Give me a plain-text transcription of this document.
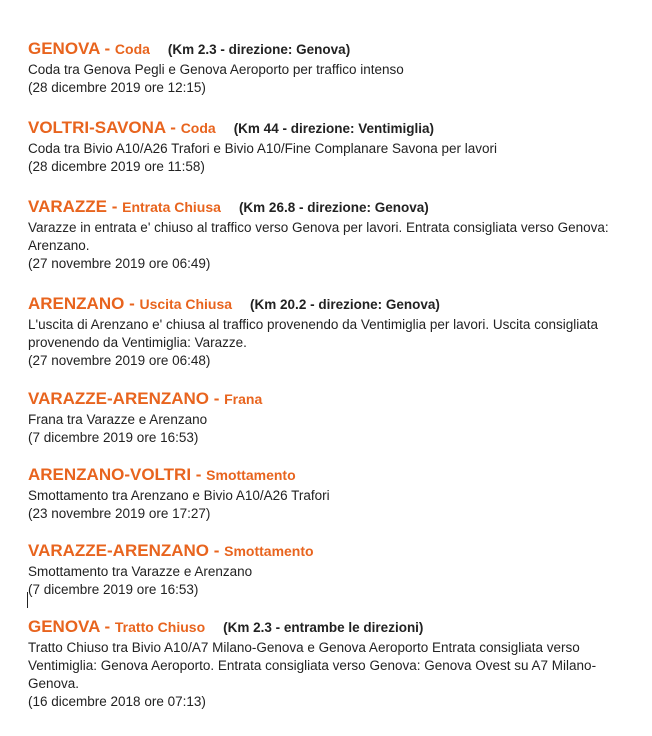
GENOVA - Coda (Km 2.3 - direzione: Genova)
Coda tra Genova Pegli e Genova Aeroporto per traffico intenso
(28 dicembre 2019 ore 12:15)
VOLTRI-SAVONA - Coda (Km 44 - direzione: Ventimiglia)
Coda tra Bivio A10/A26 Trafori e Bivio A10/Fine Complanare Savona per lavori
(28 dicembre 2019 ore 11:58)
VARAZZE - Entrata Chiusa (Km 26.8 - direzione: Genova)
Varazze in entrata e' chiuso al traffico verso Genova per lavori. Entrata consigliata verso Genova: Arenzano.
(27 novembre 2019 ore 06:49)
ARENZANO - Uscita Chiusa (Km 20.2 - direzione: Genova)
L'uscita di Arenzano e' chiusa al traffico provenendo da Ventimiglia per lavori. Uscita consigliata provenendo da Ventimiglia: Varazze.
(27 novembre 2019 ore 06:48)
VARAZZE-ARENZANO - Frana
Frana tra Varazze e Arenzano
(7 dicembre 2019 ore 16:53)
ARENZANO-VOLTRI - Smottamento
Smottamento tra Arenzano e Bivio A10/A26 Trafori
(23 novembre 2019 ore 17:27)
VARAZZE-ARENZANO - Smottamento
Smottamento tra Varazze e Arenzano
(7 dicembre 2019 ore 16:53)
GENOVA - Tratto Chiuso (Km 2.3 - entrambe le direzioni)
Tratto Chiuso tra Bivio A10/A7 Milano-Genova e Genova Aeroporto Entrata consigliata verso Ventimiglia: Genova Aeroporto. Entrata consigliata verso Genova: Genova Ovest su A7 Milano-Genova.
(16 dicembre 2018 ore 07:13)
